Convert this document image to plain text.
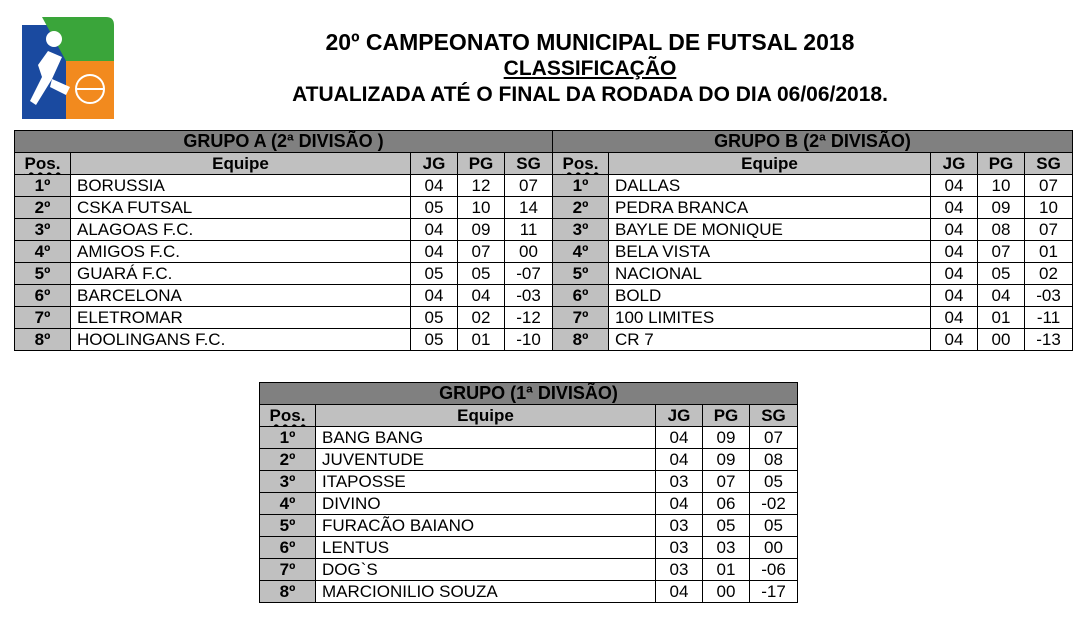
20º CAMPEONATO MUNICIPAL DE FUTSAL 2018
CLASSIFICAÇÃO
ATUALIZADA ATÉ O FINAL DA RODADA DO DIA 06/06/2018.
GRUPO A (2ª DIVISÃO )				
Pos.	Equipe	JG	PG	SG
1º	BORUSSIA	04	12	07
2º	CSKA FUTSAL	05	10	14
3º	ALAGOAS F.C.	04	09	11
4º	AMIGOS F.C.	04	07	00
5º	GUARÁ F.C.	05	05	-07
6º	BARCELONA	04	04	-03
7º	ELETROMAR	05	02	-12
8º	HOOLINGANS F.C.	05	01	-10
GRUPO B (2ª DIVISÃO)				
Pos.	Equipe	JG	PG	SG
1º	DALLAS	04	10	07
2º	PEDRA BRANCA	04	09	10
3º	BAYLE DE MONIQUE	04	08	07
4º	BELA VISTA	04	07	01
5º	NACIONAL	04	05	02
6º	BOLD	04	04	-03
7º	100 LIMITES	04	01	-11
8º	CR 7	04	00	-13
GRUPO (1ª DIVISÃO)				
Pos.	Equipe	JG	PG	SG
1º	BANG BANG	04	09	07
2º	JUVENTUDE	04	09	08
3º	ITAPOSSE	03	07	05
4º	DIVINO	04	06	-02
5º	FURACÃO BAIANO	03	05	05
6º	LENTUS	03	03	00
7º	DOG`S	03	01	-06
8º	MARCIONILIO SOUZA	04	00	-17
